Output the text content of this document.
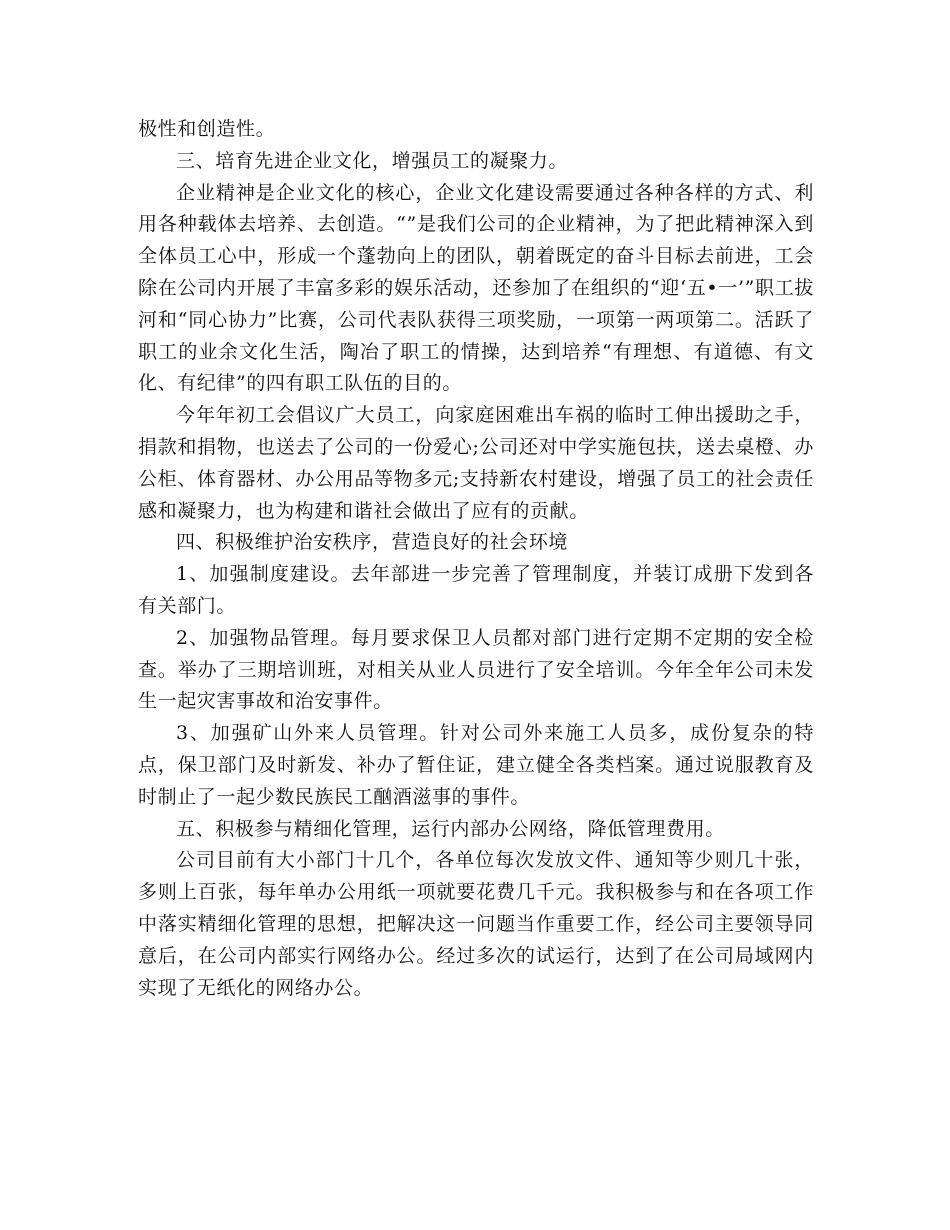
极性和创造性。

三、培育先进企业文化，增强员工的凝聚力。

企业精神是企业文化的核心，企业文化建设需要通过各种各样的方式、利用各种载体去培养、去创造。“”是我们公司的企业精神，为了把此精神深入到全体员工心中，形成一个蓬勃向上的团队，朝着既定的奋斗目标去前进，工会除在公司内开展了丰富多彩的娱乐活动，还参加了在组织的“迎‘五•一’”职工拔河和“同心协力”比赛，公司代表队获得三项奖励，一项第一两项第二。活跃了职工的业余文化生活，陶冶了职工的情操，达到培养“有理想、有道德、有文化、有纪律”的四有职工队伍的目的。

今年年初工会倡议广大员工，向家庭困难出车祸的临时工伸出援助之手，捐款和捐物，也送去了公司的一份爱心;公司还对中学实施包扶，送去桌橙、办公柜、体育器材、办公用品等物多元;支持新农村建设，增强了员工的社会责任感和凝聚力，也为构建和谐社会做出了应有的贡献。

四、积极维护治安秩序，营造良好的社会环境

1、加强制度建设。去年部进一步完善了管理制度，并装订成册下发到各有关部门。

2、加强物品管理。每月要求保卫人员都对部门进行定期不定期的安全检查。举办了三期培训班，对相关从业人员进行了安全培训。今年全年公司未发生一起灾害事故和治安事件。

3、加强矿山外来人员管理。针对公司外来施工人员多，成份复杂的特点，保卫部门及时新发、补办了暂住证，建立健全各类档案。通过说服教育及时制止了一起少数民族民工酗酒滋事的事件。

五、积极参与精细化管理，运行内部办公网络，降低管理费用。

公司目前有大小部门十几个，各单位每次发放文件、通知等少则几十张，多则上百张，每年单办公用纸一项就要花费几千元。我积极参与和在各项工作中落实精细化管理的思想，把解决这一问题当作重要工作，经公司主要领导同意后，在公司内部实行网络办公。经过多次的试运行，达到了在公司局域网内实现了无纸化的网络办公。
